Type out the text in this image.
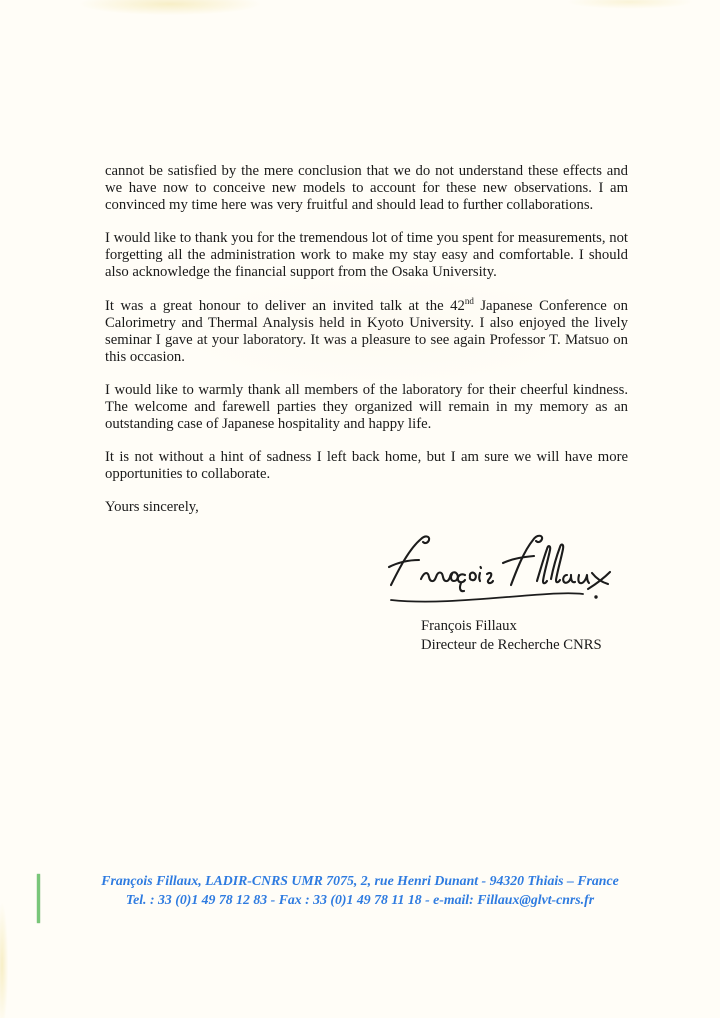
cannot be satisfied by the mere conclusion that we do not understand these effects and we have now to conceive new models to account for these new observations. I am convinced my time here was very fruitful and should lead to further collaborations.

I would like to thank you for the tremendous lot of time you spent for measurements, not forgetting all the administration work to make my stay easy and comfortable. I should also acknowledge the financial support from the Osaka University.

It was a great honour to deliver an invited talk at the 42nd Japanese Conference on Calorimetry and Thermal Analysis held in Kyoto University. I also enjoyed the lively seminar I gave at your laboratory. It was a pleasure to see again Professor T. Matsuo on this occasion.

I would like to warmly thank all members of the laboratory for their cheerful kindness. The welcome and farewell parties they organized will remain in my memory as an outstanding case of Japanese hospitality and happy life.

It is not without a hint of sadness I left back home, but I am sure we will have more opportunities to collaborate.

Yours sincerely,

François Fillaux
Directeur de Recherche CNRS
François Fillaux, LADIR-CNRS UMR 7075, 2, rue Henri Dunant - 94320 Thiais – France
Tel. : 33 (0)1 49 78 12 83 - Fax : 33 (0)1 49 78 11 18 - e-mail: Fillaux@glvt-cnrs.fr
